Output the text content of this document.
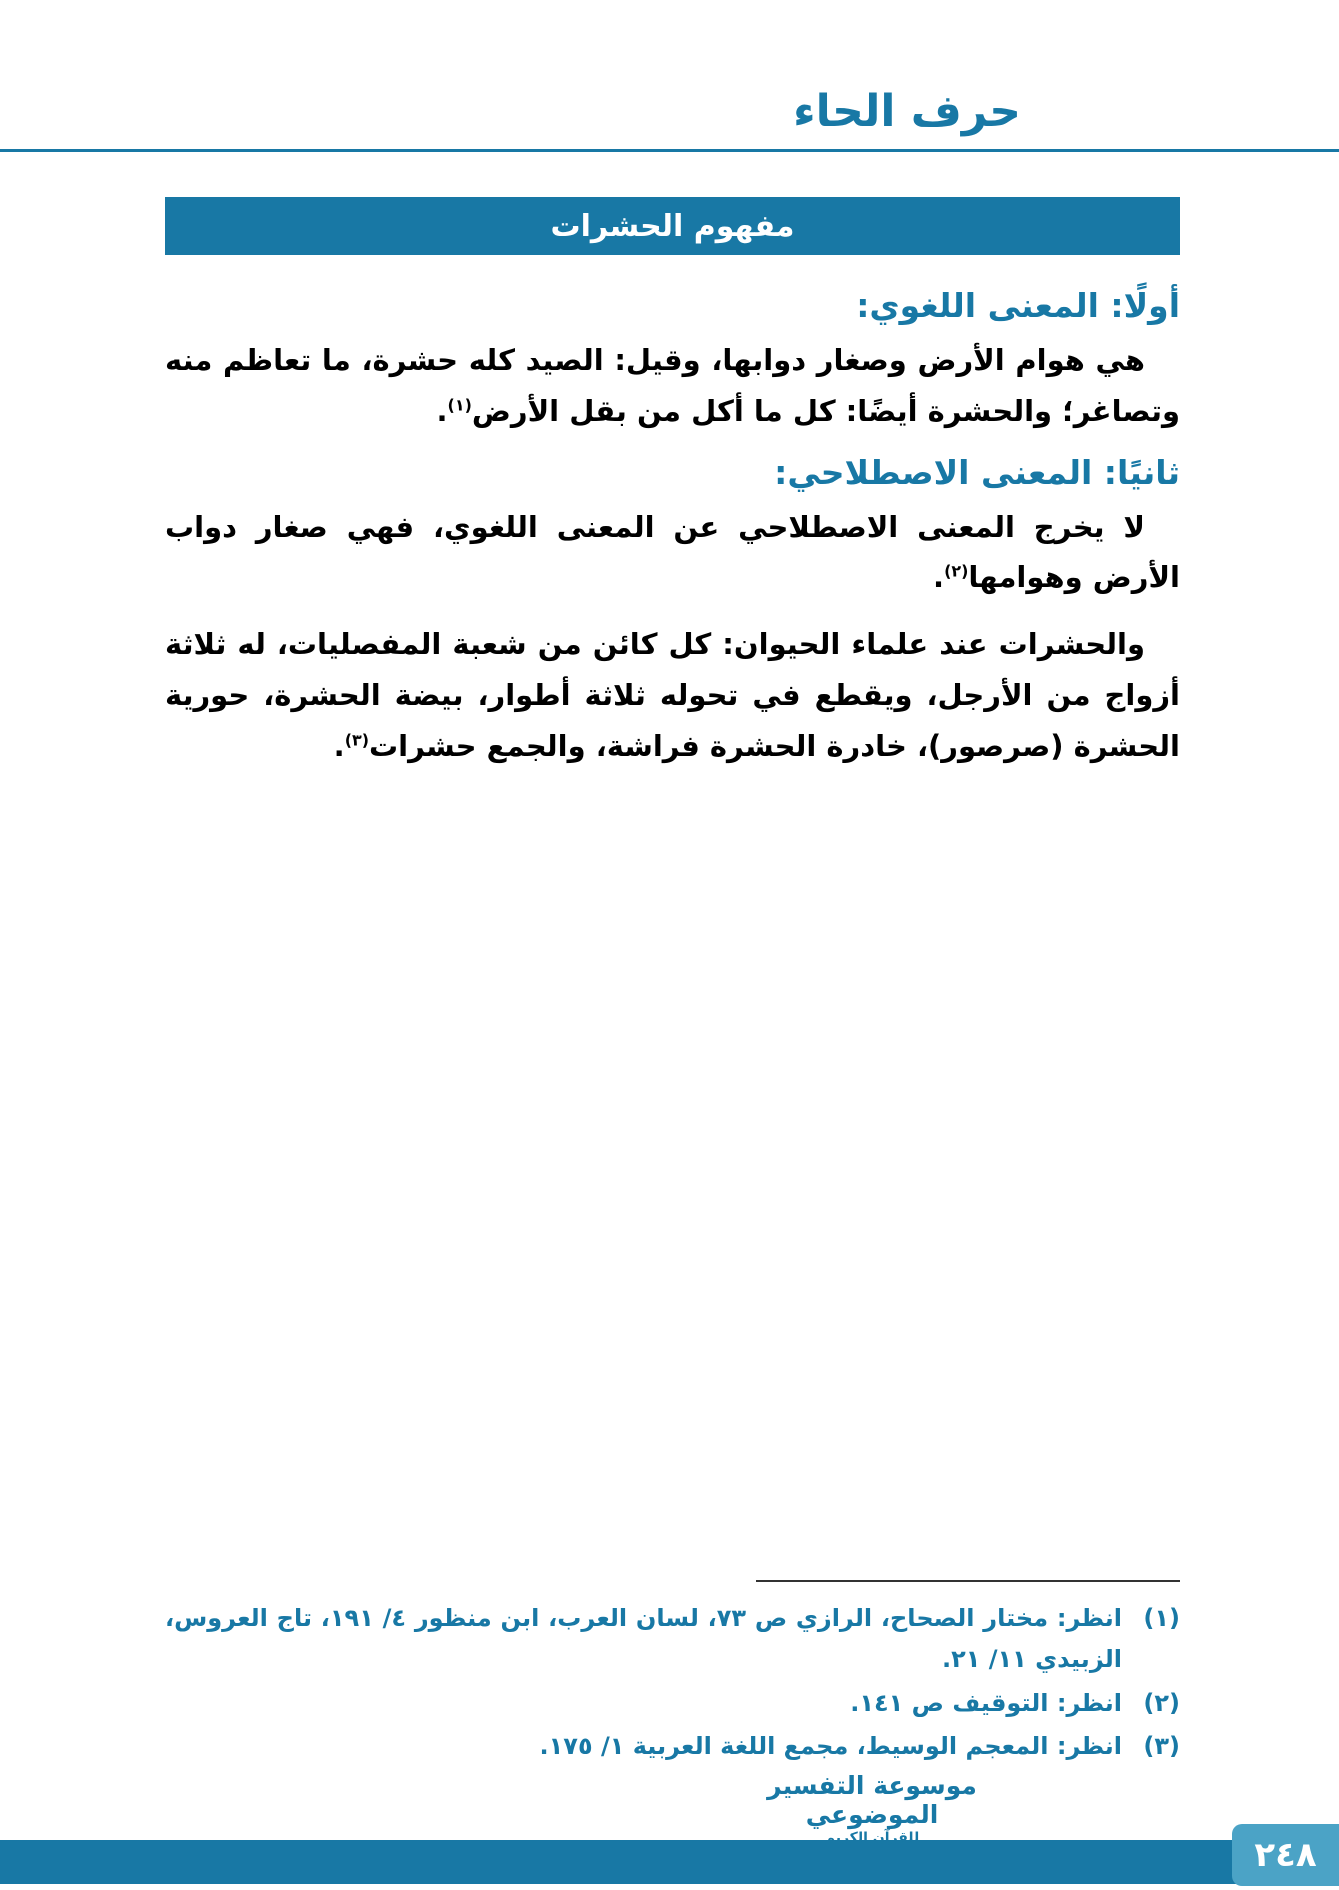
حرف الحاء
مفهوم الحشرات
أولًا: المعنى اللغوي:

هي هوام الأرض وصغار دوابها، وقيل: الصيد كله حشرة، ما تعاظم منه وتصاغر؛ والحشرة أيضًا: كل ما أكل من بقل الأرض$^{(١)}$.

ثانيًا: المعنى الاصطلاحي:

لا يخرج المعنى الاصطلاحي عن المعنى اللغوي، فهي صغار دواب الأرض وهوامها$^{(٢)}$.

والحشرات عند علماء الحيوان: كل كائن من شعبة المفصليات، له ثلاثة أزواج من الأرجل، ويقطع في تحوله ثلاثة أطوار، بيضة الحشرة، حورية الحشرة (صرصور)، خادرة الحشرة فراشة، والجمع حشرات$^{(٣)}$.

(١)
انظر: مختار الصحاح، الرازي ص ٧٣، لسان العرب، ابن منظور ٤/ ١٩١، تاج العروس، الزبيدي ١١/ ٢١.
(٢)
انظر: التوقيف ص ١٤١.
(٣)
انظر: المعجم الوسيط، مجمع اللغة العربية ١/ ١٧٥.
موسوعة التفسير الموضوعي
للقرآن الكريم	٢٤٨
